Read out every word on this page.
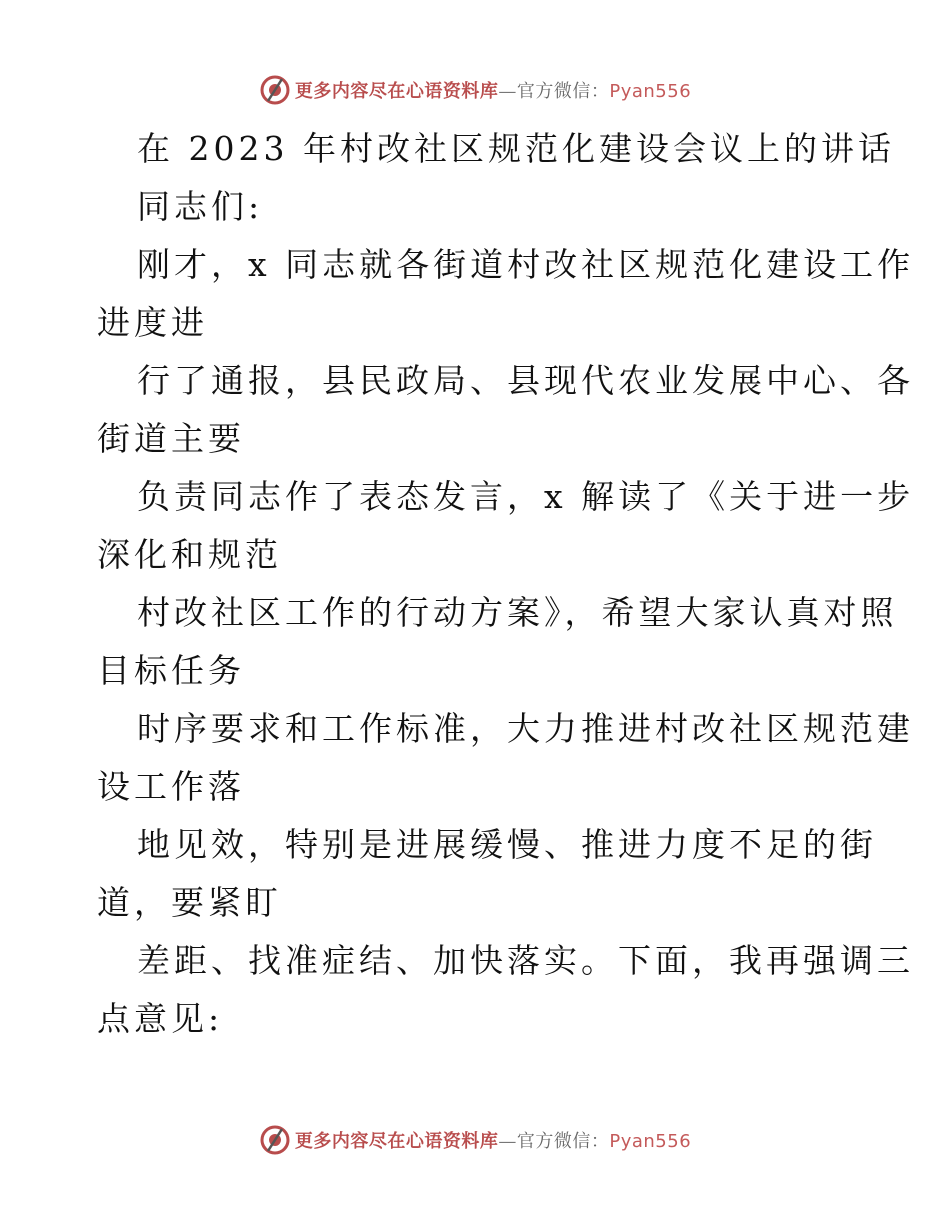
更多内容尽在心语资料库—官方微信：Pyan556
在 2023 年村改社区规范化建设会议上的讲话
同志们:
刚才，x 同志就各街道村改社区规范化建设工作
进度进
行了通报，县民政局、县现代农业发展中心、各
街道主要
负责同志作了表态发言，x 解读了《关于进一步
深化和规范
村改社区工作的行动方案》，希望大家认真对照
目标任务
时序要求和工作标准，大力推进村改社区规范建
设工作落
地见效，特别是进展缓慢、推进力度不足的街
道，要紧盯
差距、找准症结、加快落实。下面，我再强调三
点意见:
更多内容尽在心语资料库—官方微信：Pyan556
